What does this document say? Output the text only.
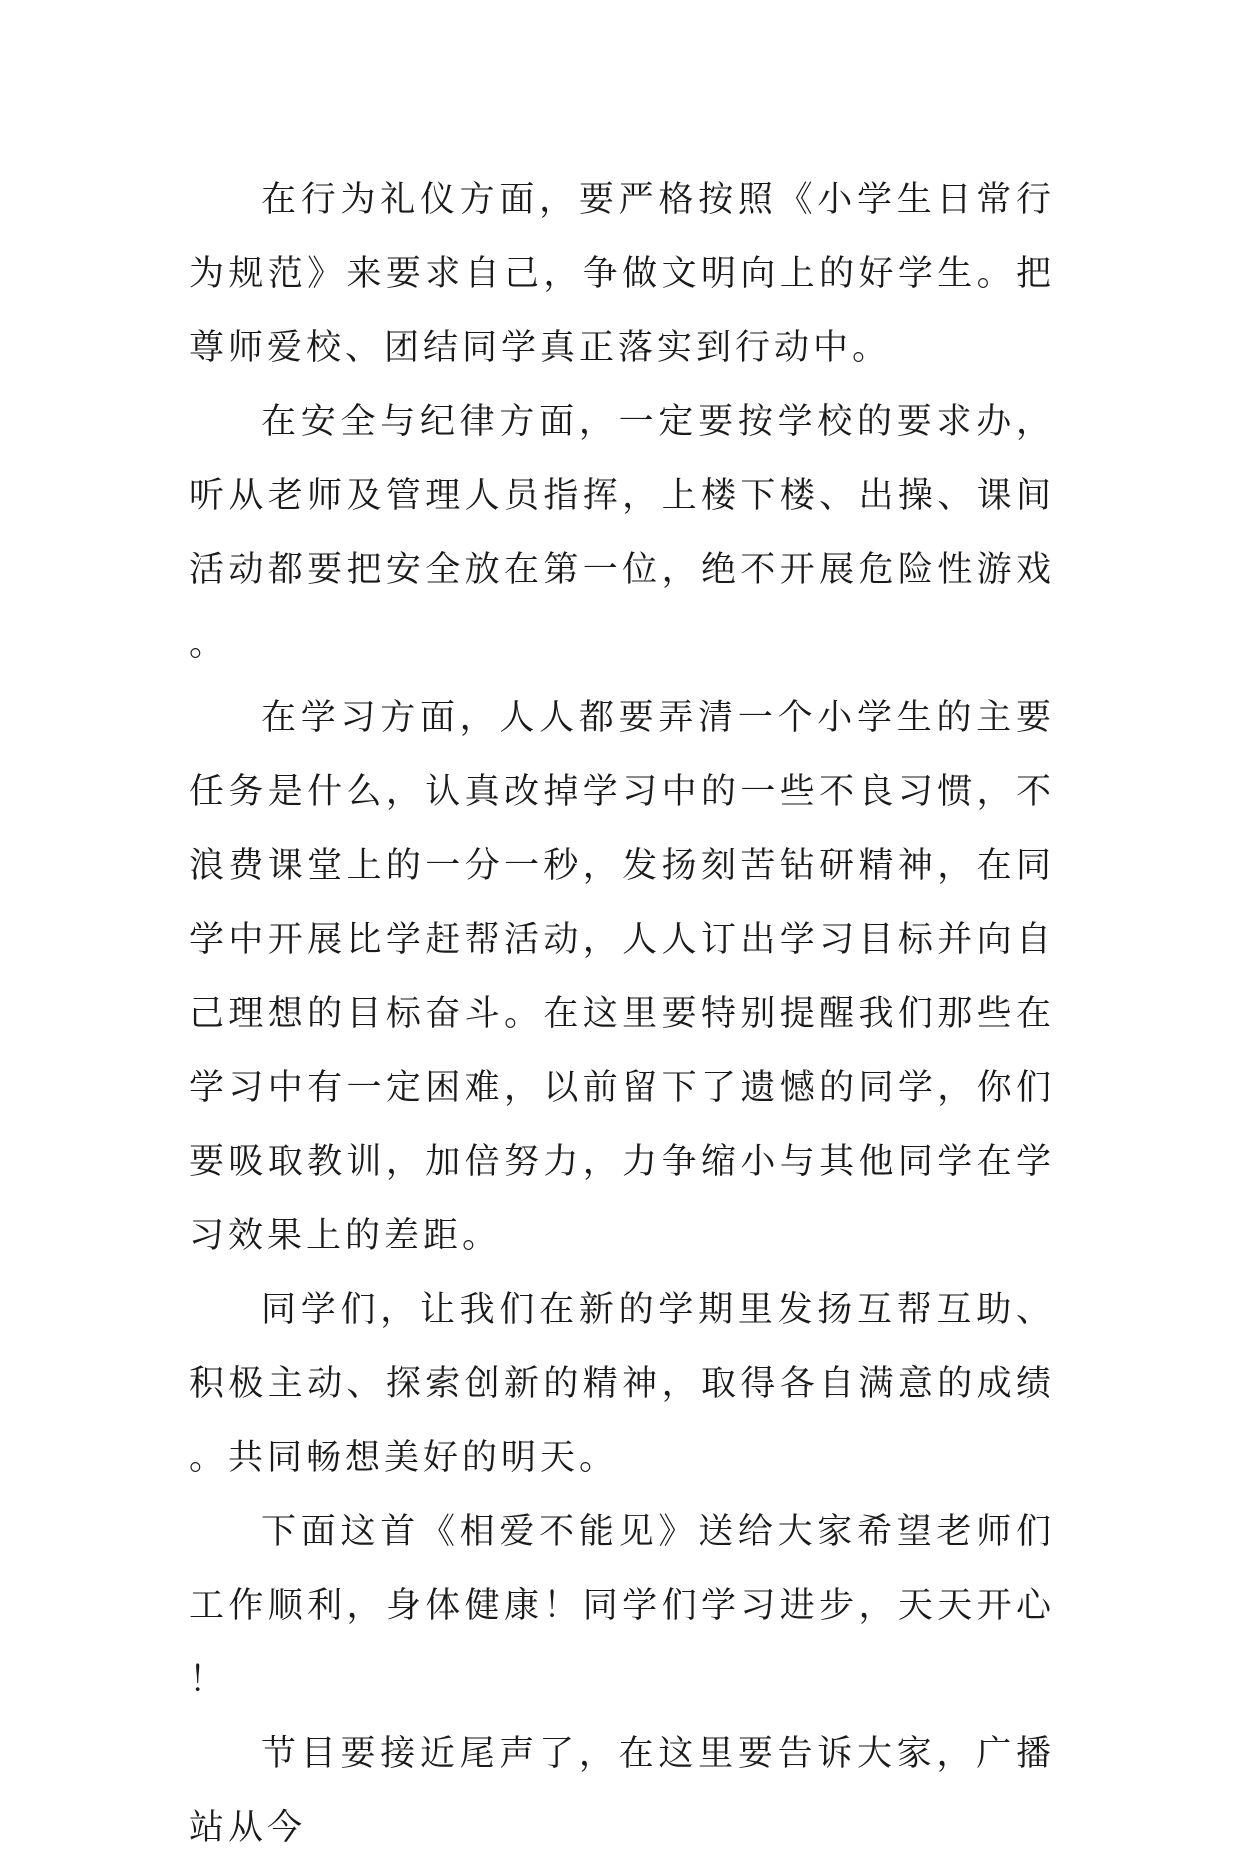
在行为礼仪方面，要严格按照《小学生日常行为规范》来要求自己，争做文明向上的好学生。把尊师爱校、团结同学真正落实到行动中。

在安全与纪律方面，一定要按学校的要求办，听从老师及管理人员指挥，上楼下楼、出操、课间活动都要把安全放在第一位，绝不开展危险性游戏。

在学习方面，人人都要弄清一个小学生的主要任务是什么，认真改掉学习中的一些不良习惯，不浪费课堂上的一分一秒，发扬刻苦钻研精神，在同学中开展比学赶帮活动，人人订出学习目标并向自己理想的目标奋斗。在这里要特别提醒我们那些在学习中有一定困难，以前留下了遗憾的同学，你们要吸取教训，加倍努力，力争缩小与其他同学在学习效果上的差距。

同学们，让我们在新的学期里发扬互帮互助、积极主动、探索创新的精神，取得各自满意的成绩。共同畅想美好的明天。

下面这首《相爱不能见》送给大家希望老师们工作顺利，身体健康！同学们学习进步，天天开心！

节目要接近尾声了，在这里要告诉大家，广播站从今
